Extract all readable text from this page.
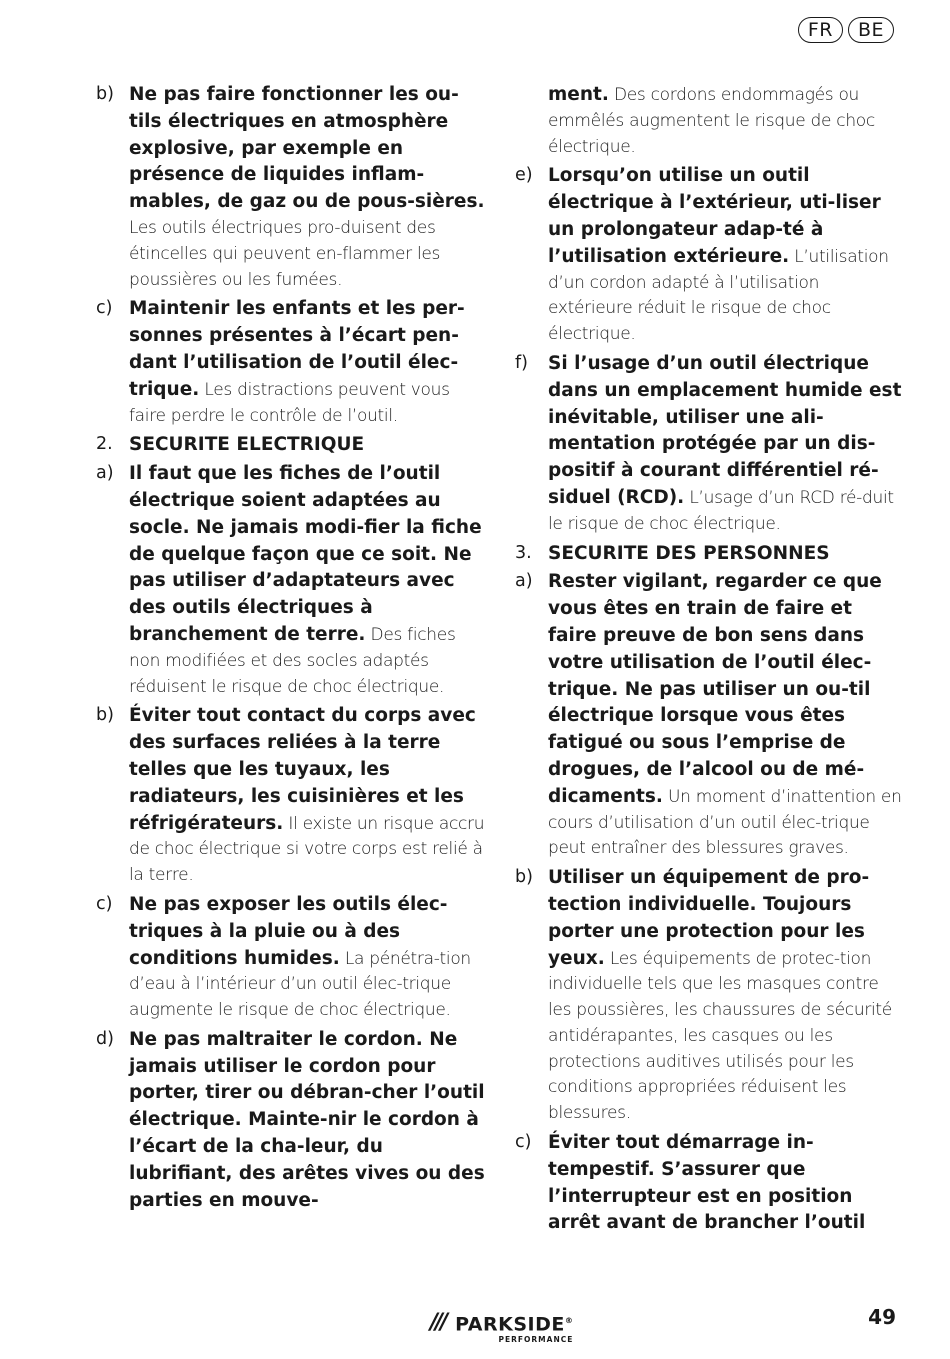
FR	BE
b) Ne pas faire fonctionner les ou-tils électriques en atmosphère explosive, par exemple en présence de liquides inflam-mables, de gaz ou de pous-sières. Les outils électriques pro-duisent des étincelles qui peuvent en-flammer les poussières ou les fumées.
c) Maintenir les enfants et les per-sonnes présentes à l’écart pen-dant l’utilisation de l’outil élec-trique. Les distractions peuvent vous faire perdre le contrôle de l’outil.
2. SECURITE ELECTRIQUE
a) Il faut que les fiches de l’outil électrique soient adaptées au socle. Ne jamais modi-fier la fiche de quelque façon que ce soit. Ne pas utiliser d’adaptateurs avec des outils électriques à branchement de terre. Des fiches non modifiées et des socles adaptés réduisent le risque de choc électrique.
b) Éviter tout contact du corps avec des surfaces reliées à la terre telles que les tuyaux, les radiateurs, les cuisinières et les réfrigérateurs. Il existe un risque accru de choc électrique si votre corps est relié à la terre.
c) Ne pas exposer les outils élec-triques à la pluie ou à des conditions humides. La pénétra-tion d’eau à l’intérieur d’un outil élec-trique augmente le risque de choc électrique.
d) Ne pas maltraiter le cordon. Ne jamais utiliser le cordon pour porter, tirer ou débran-cher l’outil électrique. Mainte-nir le cordon à l’écart de la cha-leur, du lubrifiant, des arêtes vives ou des parties en mouve-
ment. Des cordons endommagés ou emmêlés augmentent le risque de choc électrique.
e) Lorsqu’on utilise un outil électrique à l’extérieur, uti-liser un prolongateur adap-té à l’utilisation extérieure. L’utilisation d’un cordon adapté à l’utilisation extérieure réduit le risque de choc électrique.
f)	Si l’usage d’un outil électrique dans un emplacement humide est inévitable, utiliser une ali-mentation protégée par un dis-positif à courant différentiel ré-siduel (RCD). L’usage d’un RCD ré-duit le risque de choc électrique.
3. SECURITE DES PERSONNES
a) Rester vigilant, regarder ce que vous êtes en train de faire et faire preuve de bon sens dans votre utilisation de l’outil élec-trique. Ne pas utiliser un ou-til électrique lorsque vous êtes fatigué ou sous l’emprise de drogues, de l’alcool ou de mé-dicaments. Un moment d’inattention en cours d’utilisation d’un outil élec-trique peut entraîner des blessures graves.
b) Utiliser un équipement de pro-tection individuelle. Toujours porter une protection pour les yeux. Les équipements de protec-tion individuelle tels que les masques contre les poussières, les chaussures de sécurité antidérapantes, les casques ou les protections auditives utilisés pour les conditions appropriées réduisent les blessures.
c) Éviter tout démarrage in-tempestif. S’assurer que l’interrupteur est en position arrêt avant de brancher l’outil
/// PARKSIDE®
PERFORMANCE
49
